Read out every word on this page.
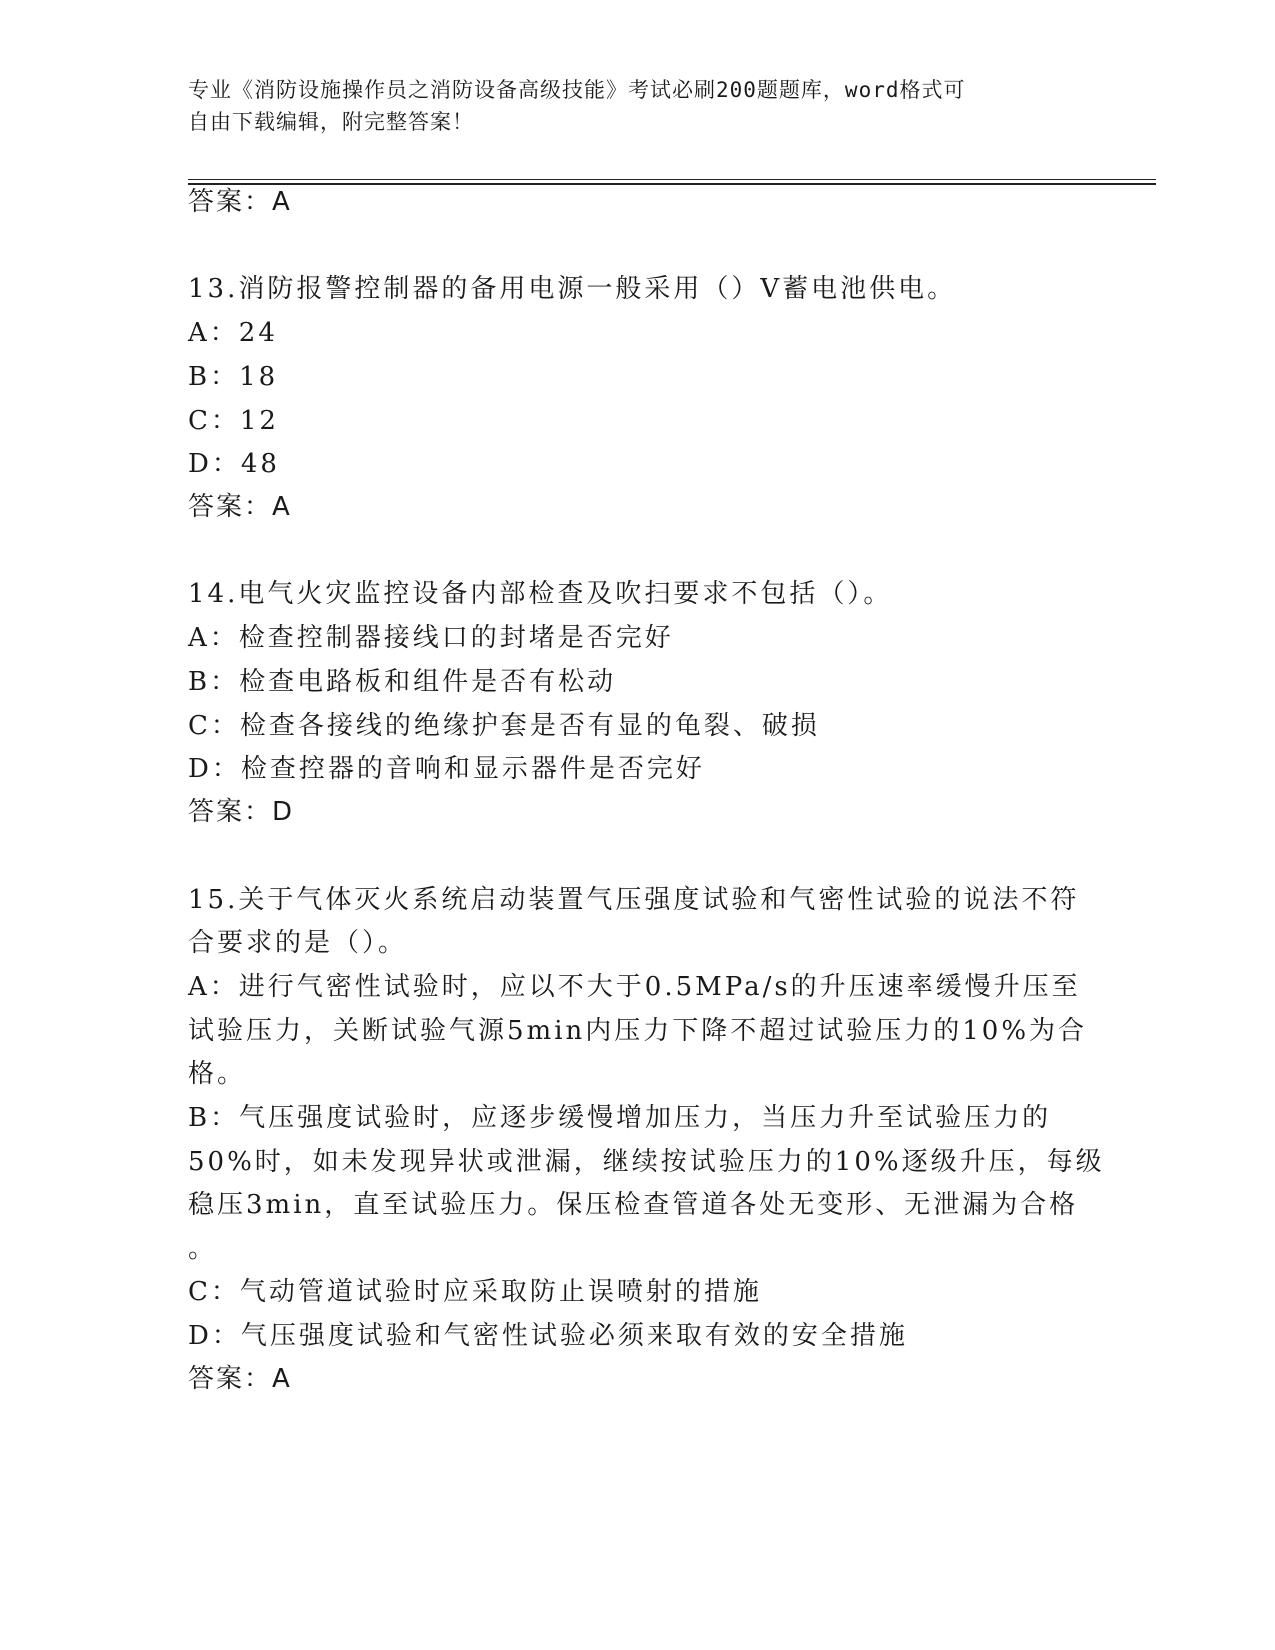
专业《消防设施操作员之消防设备高级技能》考试必刷200题题库，word格式可
自由下载编辑，附完整答案！
答案：A
13.消防报警控制器的备用电源一般采用（）V蓄电池供电。
A：24
B：18
C：12
D：48
答案：A
14.电气火灾监控设备内部检查及吹扫要求不包括（）。
A：检查控制器接线口的封堵是否完好
B：检查电路板和组件是否有松动
C：检查各接线的绝缘护套是否有显的龟裂、破损
D：检查控器的音响和显示器件是否完好
答案：D
15.关于气体灭火系统启动装置气压强度试验和气密性试验的说法不符
合要求的是（）。
A：进行气密性试验时，应以不大于0.5MPa/s的升压速率缓慢升压至
试验压力，关断试验气源5min内压力下降不超过试验压力的10%为合
格。
B：气压强度试验时，应逐步缓慢增加压力，当压力升至试验压力的
50%时，如未发现异状或泄漏，继续按试验压力的10%逐级升压，每级
稳压3min，直至试验压力。保压检查管道各处无变形、无泄漏为合格
。
C：气动管道试验时应采取防止误喷射的措施
D：气压强度试验和气密性试验必须来取有效的安全措施
答案：A
